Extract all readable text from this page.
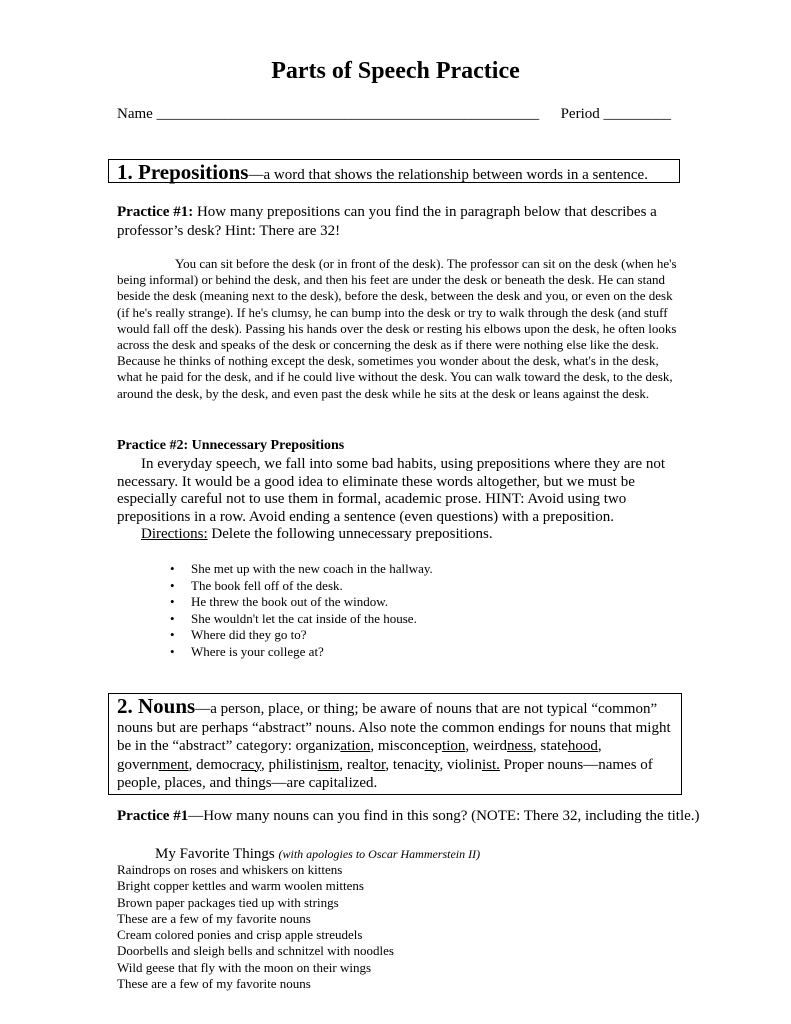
Parts of Speech Practice
Name ___________________________________________________ Period _________
1. Prepositions—a word that shows the relationship between words in a sentence.
Practice #1: How many prepositions can you find the in paragraph below that describes a professor’s desk? Hint: There are 32!
You can sit before the desk (or in front of the desk). The professor can sit on the desk (when he's being informal) or behind the desk, and then his feet are under the desk or beneath the desk. He can stand beside the desk (meaning next to the desk), before the desk, between the desk and you, or even on the desk (if he's really strange). If he's clumsy, he can bump into the desk or try to walk through the desk (and stuff would fall off the desk). Passing his hands over the desk or resting his elbows upon the desk, he often looks across the desk and speaks of the desk or concerning the desk as if there were nothing else like the desk. Because he thinks of nothing except the desk, sometimes you wonder about the desk, what's in the desk, what he paid for the desk, and if he could live without the desk. You can walk toward the desk, to the desk, around the desk, by the desk, and even past the desk while he sits at the desk or leans against the desk.
Practice #2: Unnecessary Prepositions
In everyday speech, we fall into some bad habits, using prepositions where they are not necessary. It would be a good idea to eliminate these words altogether, but we must be especially careful not to use them in formal, academic prose. HINT: Avoid using two prepositions in a row. Avoid ending a sentence (even questions) with a preposition.
Directions: Delete the following unnecessary prepositions.
• She met up with the new coach in the hallway.
• The book fell off of the desk.
• He threw the book out of the window.
• She wouldn't let the cat inside of the house.
• Where did they go to?
• Where is your college at?
2. Nouns—a person, place, or thing; be aware of nouns that are not typical “common” nouns but are perhaps “abstract” nouns. Also note the common endings for nouns that might be in the “abstract” category: organization, misconception, weirdness, statehood, government, democracy, philistinism, realtor, tenacity, violinist. Proper nouns—names of people, places, and things—are capitalized.
Practice #1—How many nouns can you find in this song? (NOTE: There 32, including the title.)
My Favorite Things (with apologies to Oscar Hammerstein II)
Raindrops on roses and whiskers on kittens
Bright copper kettles and warm woolen mittens
Brown paper packages tied up with strings
These are a few of my favorite nouns
Cream colored ponies and crisp apple streudels
Doorbells and sleigh bells and schnitzel with noodles
Wild geese that fly with the moon on their wings
These are a few of my favorite nouns
